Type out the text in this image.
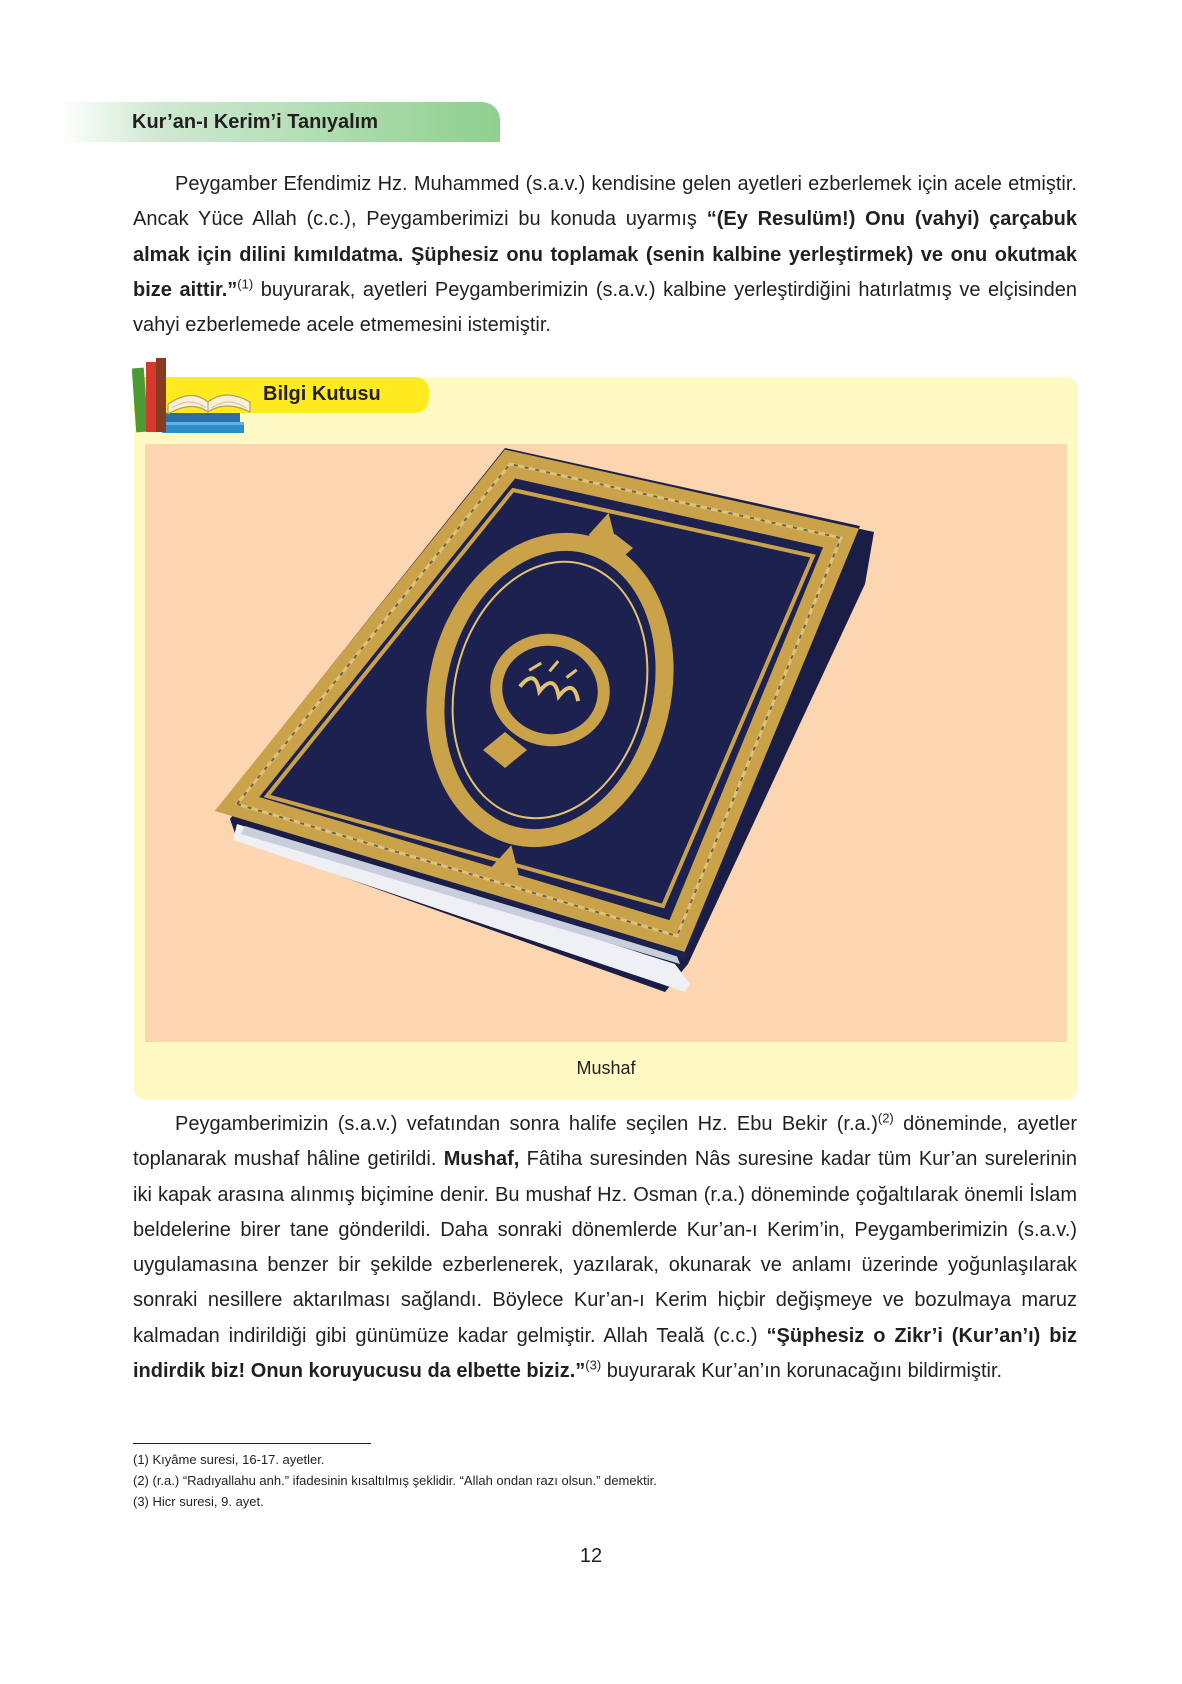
Kur’an-ı Kerim’i Tanıyalım

Peygamber Efendimiz Hz. Muhammed (s.a.v.) kendisine gelen ayetleri ezberlemek için acele etmiştir. Ancak Yüce Allah (c.c.), Peygamberimizi bu konuda uyarmış “(Ey Resulüm!) Onu (vahyi) çarçabuk almak için dilini kımıldatma. Şüphesiz onu toplamak (senin kalbine yerleştirmek) ve onu okutmak bize aittir.”$^{(1)}$ buyurarak, ayetleri Peygamberimizin (s.a.v.) kalbine yerleştirdiğini hatırlatmış ve elçisinden vahyi ezberlemede acele etmemesini istemiştir.

Bilgi Kutusu
Mushaf

Peygamberimizin (s.a.v.) vefatından sonra halife seçilen Hz. Ebu Bekir $(r.a.)^{(2)}$ döneminde, ayetler toplanarak mushaf hâline getirildi. Mushaf, Fâtiha suresinden Nâs suresine kadar tüm Kur’an surelerinin iki kapak arasına alınmış biçimine denir. Bu mushaf Hz. Osman (r.a.) döneminde çoğaltılarak önemli İslam beldelerine birer tane gönderildi. Daha sonraki dönemlerde Kur’an-ı Kerim’in, Peygamberimizin (s.a.v.) uygulamasına benzer bir şekilde ezberlenerek, yazılarak, okunarak ve anlamı üzerinde yoğunlaşılarak sonraki nesillere aktarılması sağlandı. Böylece Kur’an-ı Kerim hiçbir değişmeye ve bozulmaya maruz kalmadan indirildiği gibi günümüze kadar gelmiştir. Allah Teală (c.c.) “Şüphesiz o Zikr’i (Kur’an’ı) biz indirdik biz! Onun koruyucusu da elbette biziz.”$^{(3)}$ buyurarak Kur’an’ın korunacağını bildirmiştir.

(1) Kıyâme suresi, 16-17. ayetler.
(2) (r.a.) “Radıyallahu anh.” ifadesinin kısaltılmış şeklidir. “Allah ondan razı olsun.” demektir.
(3) Hicr suresi, 9. ayet.
12
